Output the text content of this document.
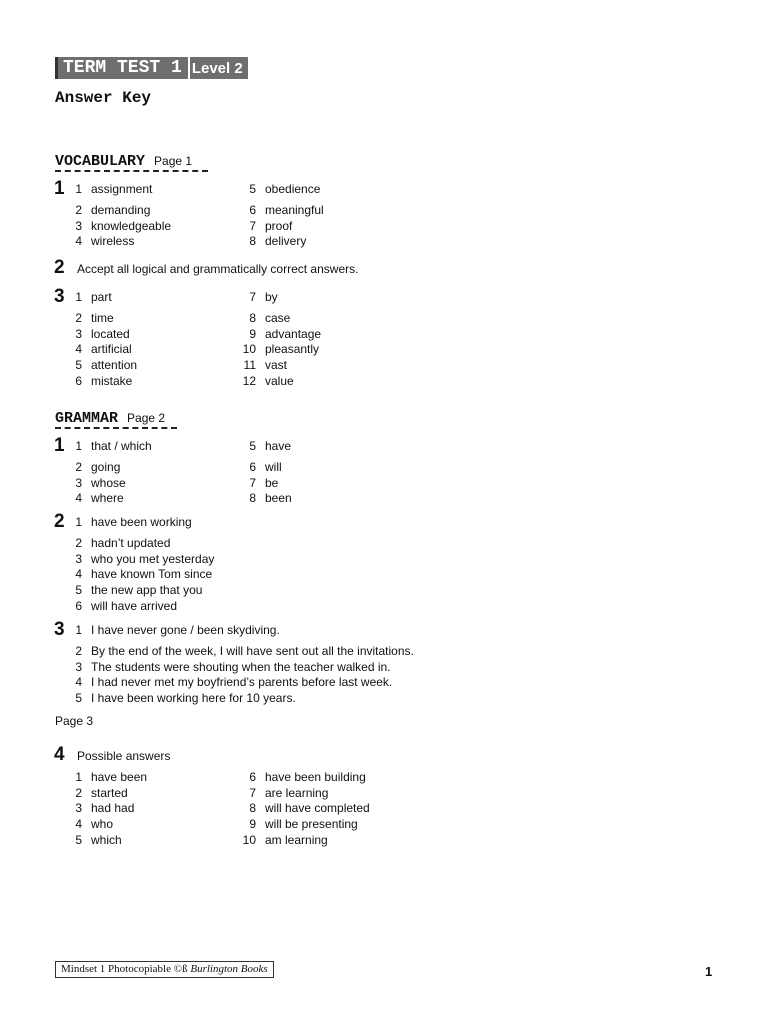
TERM TEST 1 Level 2
Answer Key
VOCABULARY Page 1
1 1 assignment
2 demanding
3 knowledgeable
4 wireless
5 obedience
6 meaningful
7 proof
8 delivery
2 Accept all logical and grammatically correct answers.
3 1 part
2 time
3 located
4 artificial
5 attention
6 mistake
7 by
8 case
9 advantage
10 pleasantly
11 vast
12 value
GRAMMAR Page 2
1 1 that / which
2 going
3 whose
4 where
5 have
6 will
7 be
8 been
2 1 have been working
2 hadn’t updated
3 who you met yesterday
4 have known Tom since
5 the new app that you
6 will have arrived
3 1 I have never gone / been skydiving.
2 By the end of the week, I will have sent out all the invitations.
3 The students were shouting when the teacher walked in.
4 I had never met my boyfriend’s parents before last week.
5 I have been working here for 10 years.
Page 3
4 Possible answers
1 have been
2 started
3 had had
4 who
5 which
6 have been building
7 are learning
8 will have completed
9 will be presenting
10 am learning
Mindset 1 Photocopiable ©ß Burlington Books	1
